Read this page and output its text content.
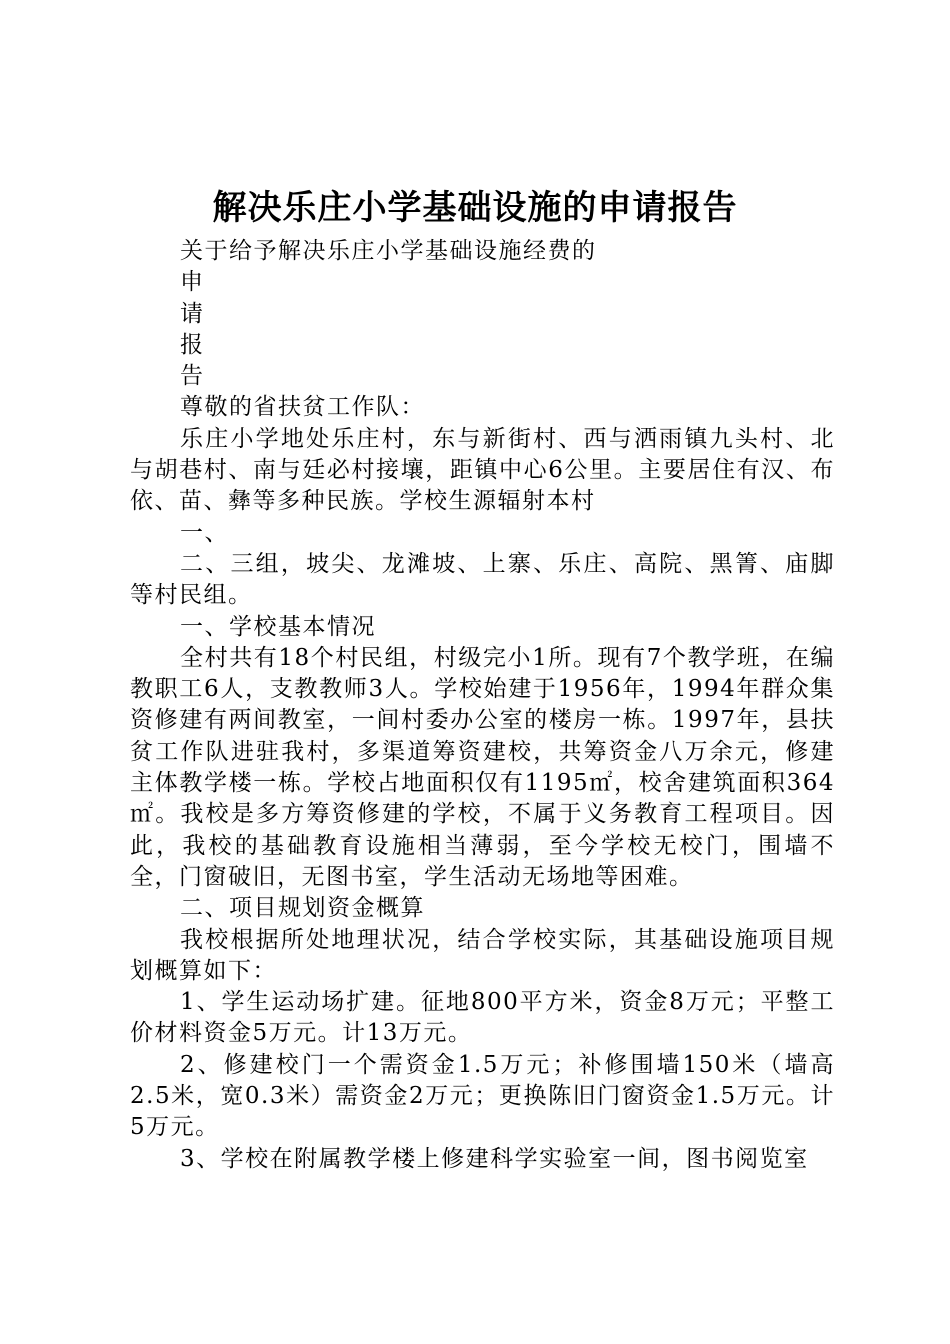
解决乐庄小学基础设施的申请报告

关于给予解决乐庄小学基础设施经费的

申

请

报

告

尊敬的省扶贫工作队：

乐庄小学地处乐庄村，东与新街村、西与洒雨镇九头村、北与胡巷村、南与廷必村接壤，距镇中心6公里。主要居住有汉、布依、苗、彝等多种民族。学校生源辐射本村

一、

二、三组，坡尖、龙滩坡、上寨、乐庄、高院、黑箐、庙脚等村民组。

一、学校基本情况

全村共有18个村民组，村级完小1所。现有7个教学班，在编教职工6人，支教教师3人。学校始建于1956年，1994年群众集资修建有两间教室，一间村委办公室的楼房一栋。1997年，县扶贫工作队进驻我村，多渠道筹资建校，共筹资金八万余元，修建主体教学楼一栋。学校占地面积仅有1195㎡，校舍建筑面积364㎡。我校是多方筹资修建的学校，不属于义务教育工程项目。因此，我校的基础教育设施相当薄弱，至今学校无校门，围墙不全，门窗破旧，无图书室，学生活动无场地等困难。

二、项目规划资金概算

我校根据所处地理状况，结合学校实际，其基础设施项目规划概算如下：

1、学生运动场扩建。征地800平方米，资金8万元；平整工价材料资金5万元。计13万元。

2、修建校门一个需资金1.5万元；补修围墙150米（墙高2.5米，宽0.3米）需资金2万元；更换陈旧门窗资金1.5万元。计5万元。

3、学校在附属教学楼上修建科学实验室一间，图书阅览室
